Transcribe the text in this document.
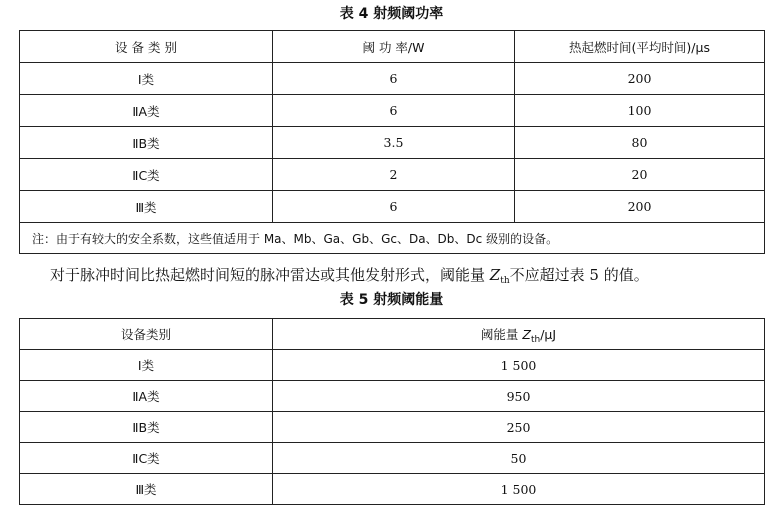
表 4 射频阈功率
设 备 类 别	阈 功 率/W	热起燃时间(平均时间)/μs
Ⅰ类	6	200
ⅡA类	6	100
ⅡB类	3.5	80
ⅡC类	2	20
Ⅲ类	6	200
注：由于有较大的安全系数，这些值适用于 Ma、Mb、Ga、Gb、Gc、Da、Db、Dc 级别的设备。		
对于脉冲时间比热起燃时间短的脉冲雷达或其他发射形式，阈能量 $Z_{th}$不应超过表 5 的值。
表 5 射频阈能量
设备类别	阈能量 $Z_{th}/\mu J$
Ⅰ类	1 500
ⅡA类	950
ⅡB类	250
ⅡC类	50
Ⅲ类	1 500
